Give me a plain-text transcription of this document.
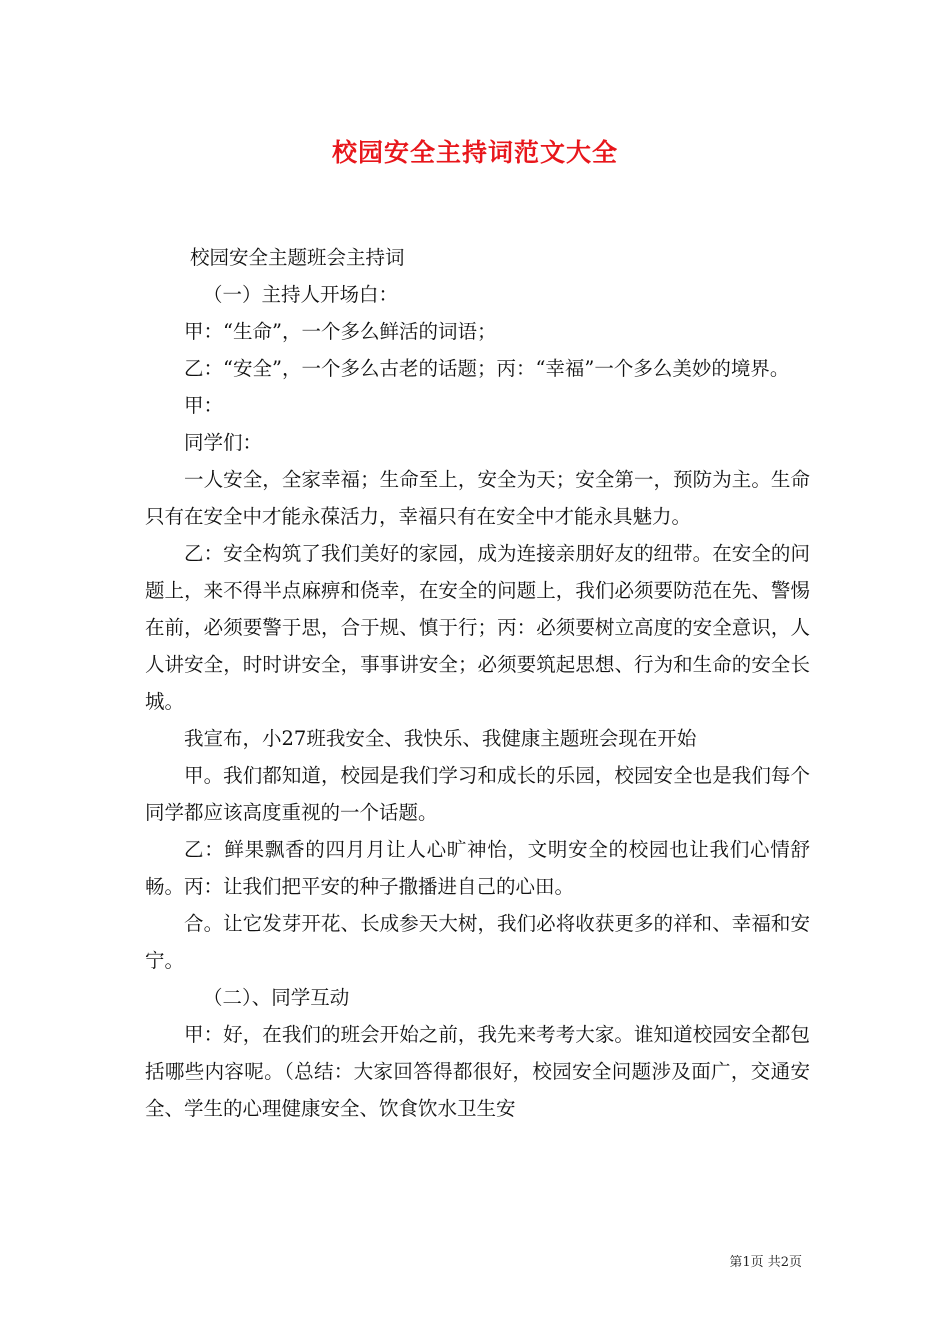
校园安全主持词范文大全

校园安全主题班会主持词

（一）主持人开场白：

甲：“生命”，一个多么鲜活的词语；

乙：“安全”，一个多么古老的话题；丙：“幸福”一个多么美妙的境界。

甲：

同学们：

一人安全，全家幸福；生命至上，安全为天；安全第一，预防为主。生命只有在安全中才能永葆活力，幸福只有在安全中才能永具魅力。

乙：安全构筑了我们美好的家园，成为连接亲朋好友的纽带。在安全的问题上，来不得半点麻痹和侥幸，在安全的问题上，我们必须要防范在先、警惕在前，必须要警于思，合于规、慎于行；丙：必须要树立高度的安全意识，人人讲安全，时时讲安全，事事讲安全；必须要筑起思想、行为和生命的安全长城。

我宣布，小27班我安全、我快乐、我健康主题班会现在开始

甲。我们都知道，校园是我们学习和成长的乐园，校园安全也是我们每个同学都应该高度重视的一个话题。

乙：鲜果飘香的四月月让人心旷神怡，文明安全的校园也让我们心情舒畅。丙：让我们把平安的种子撒播进自己的心田。

合。让它发芽开花、长成参天大树，我们必将收获更多的祥和、幸福和安宁。

（二）、同学互动

甲：好，在我们的班会开始之前，我先来考考大家。谁知道校园安全都包括哪些内容呢。（总结：大家回答得都很好，校园安全问题涉及面广，交通安全、学生的心理健康安全、饮食饮水卫生安

第1页 共2页
